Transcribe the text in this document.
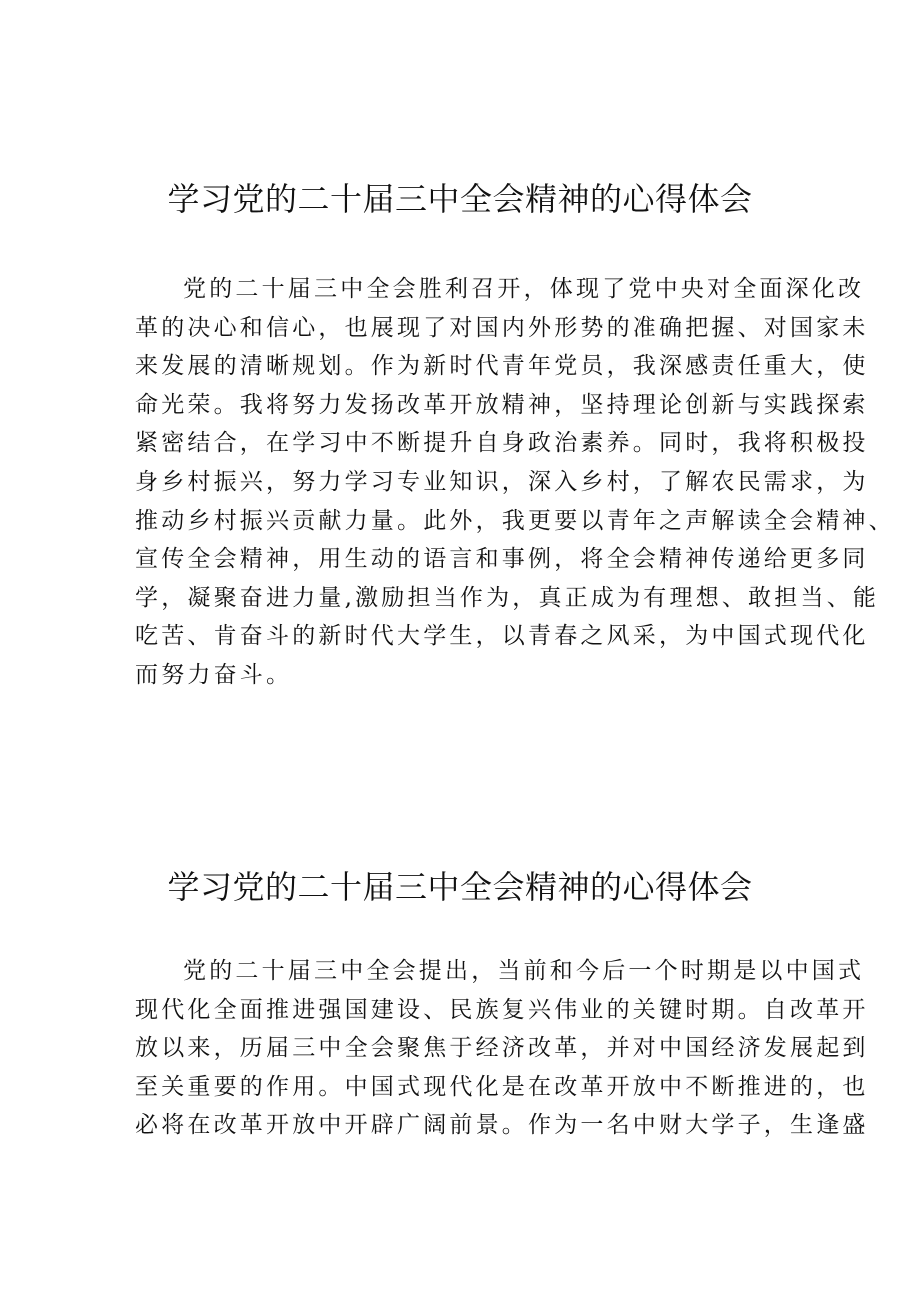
学习党的二十届三中全会精神的心得体会

党的二十届三中全会胜利召开，体现了党中央对全面深化改
革的决心和信心，也展现了对国内外形势的准确把握、对国家未
来发展的清晰规划。作为新时代青年党员，我深感责任重大，使
命光荣。我将努力发扬改革开放精神，坚持理论创新与实践探索
紧密结合，在学习中不断提升自身政治素养。同时，我将积极投
身乡村振兴，努力学习专业知识，深入乡村，了解农民需求，为
推动乡村振兴贡献力量。此外，我更要以青年之声解读全会精神、
宣传全会精神，用生动的语言和事例，将全会精神传递给更多同
学，凝聚奋进力量,激励担当作为，真正成为有理想、敢担当、能
吃苦、肯奋斗的新时代大学生，以青春之风采，为中国式现代化
而努力奋斗。

学习党的二十届三中全会精神的心得体会

党的二十届三中全会提出，当前和今后一个时期是以中国式
现代化全面推进强国建设、民族复兴伟业的关键时期。自改革开
放以来，历届三中全会聚焦于经济改革，并对中国经济发展起到
至关重要的作用。中国式现代化是在改革开放中不断推进的，也
必将在改革开放中开辟广阔前景。作为一名中财大学子，生逢盛
